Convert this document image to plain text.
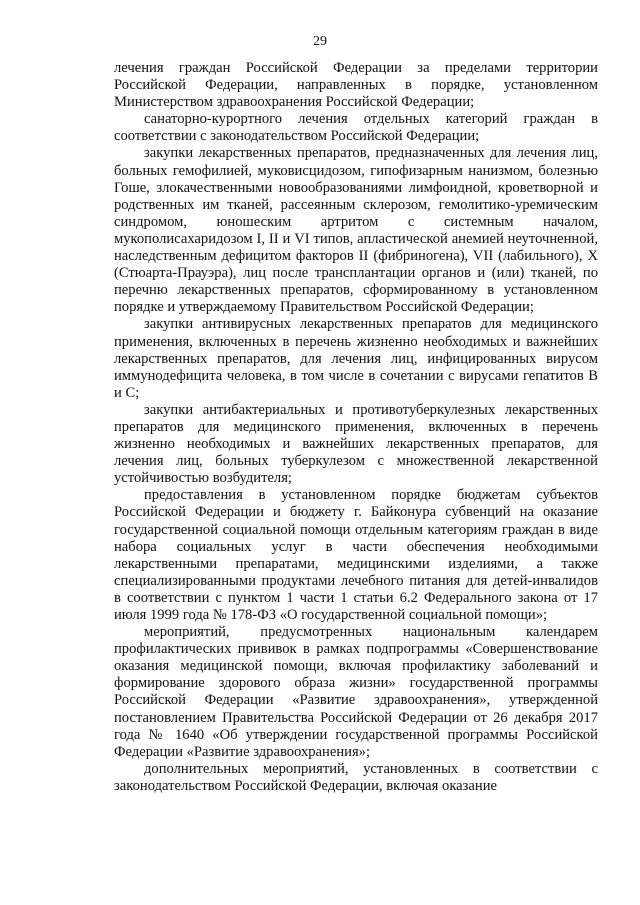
29

лечения граждан Российской Федерации за пределами территории Российской Федерации, направленных в порядке, установленном Министерством здравоохранения Российской Федерации;

санаторно-курортного лечения отдельных категорий граждан в соответствии с законодательством Российской Федерации;

закупки лекарственных препаратов, предназначенных для лечения лиц, больных гемофилией, муковисцидозом, гипофизарным нанизмом, болезнью Гоше, злокачественными новообразованиями лимфоидной, кроветворной и родственных им тканей, рассеянным склерозом, гемолитико-уремическим синдромом, юношеским артритом с системным началом, мукополисахаридозом I, II и VI типов, апластической анемией неуточненной, наследственным дефицитом факторов II (фибриногена), VII (лабильного), X (Стюарта-Прауэра), лиц после трансплантации органов и (или) тканей, по перечню лекарственных препаратов, сформированному в установленном порядке и утверждаемому Правительством Российской Федерации;

закупки антивирусных лекарственных препаратов для медицинского применения, включенных в перечень жизненно необходимых и важнейших лекарственных препаратов, для лечения лиц, инфицированных вирусом иммунодефицита человека, в том числе в сочетании с вирусами гепатитов B и C;

закупки антибактериальных и противотуберкулезных лекарственных препаратов для медицинского применения, включенных в перечень жизненно необходимых и важнейших лекарственных препаратов, для лечения лиц, больных туберкулезом с множественной лекарственной устойчивостью возбудителя;

предоставления в установленном порядке бюджетам субъектов Российской Федерации и бюджету г. Байконура субвенций на оказание государственной социальной помощи отдельным категориям граждан в виде набора социальных услуг в части обеспечения необходимыми лекарственными препаратами, медицинскими изделиями, а также специализированными продуктами лечебного питания для детей-инвалидов в соответствии с пунктом 1 части 1 статьи 6.2 Федерального закона от 17 июля 1999 года № 178-ФЗ «О государственной социальной помощи»;

мероприятий, предусмотренных национальным календарем профилактических прививок в рамках подпрограммы «Совершенствование оказания медицинской помощи, включая профилактику заболеваний и формирование здорового образа жизни» государственной программы Российской Федерации «Развитие здравоохранения», утвержденной постановлением Правительства Российской Федерации от 26 декабря 2017 года № 1640 «Об утверждении государственной программы Российской Федерации «Развитие здравоохранения»;

дополнительных мероприятий, установленных в соответствии с законодательством Российской Федерации, включая оказание
